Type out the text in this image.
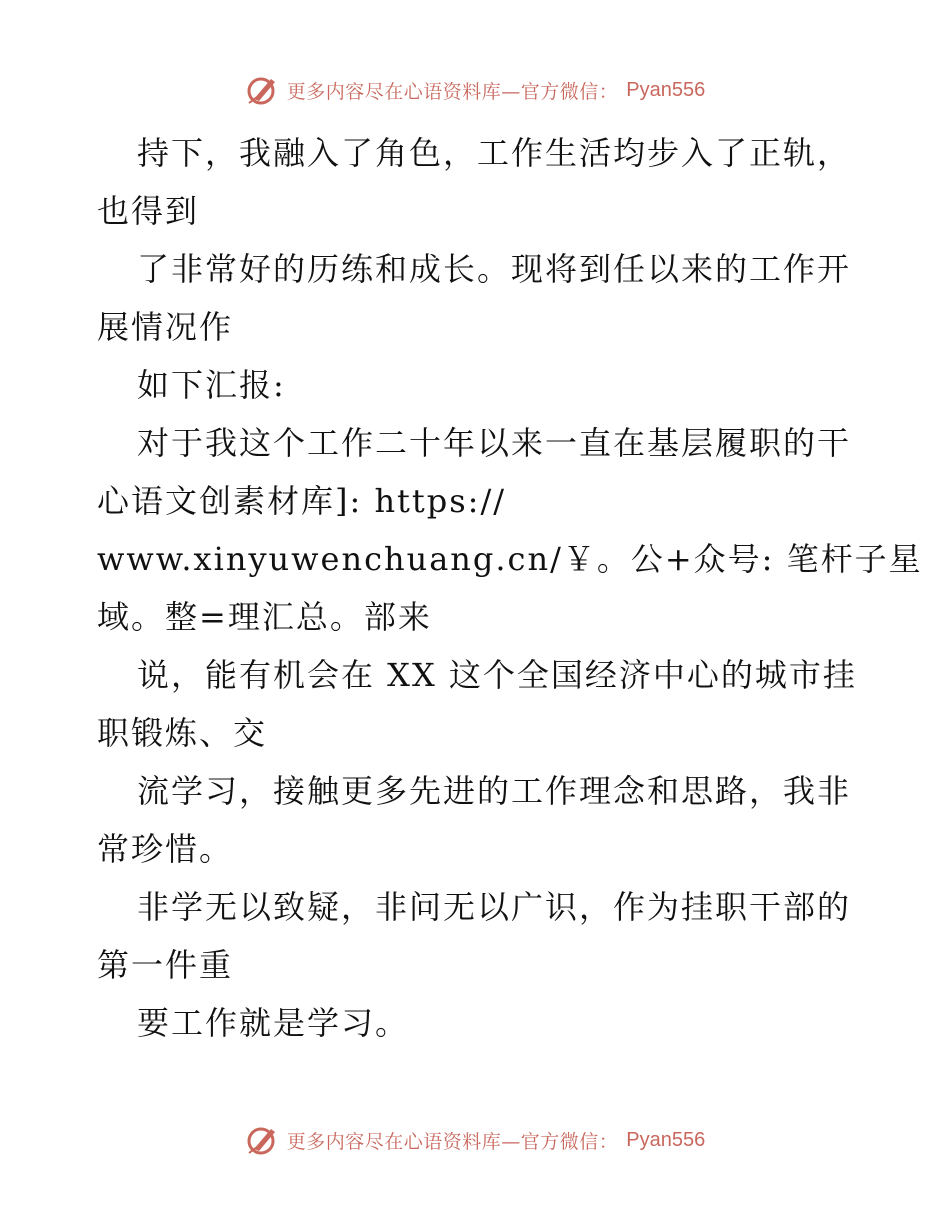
更多内容尽在心语资料库—官方微信： Pyan556
持下，我融入了角色，工作生活均步入了正轨，
也得到
了非常好的历练和成长。现将到任以来的工作开
展情况作
如下汇报:
对于我这个工作二十年以来一直在基层履职的干
心语文创素材库]: https://
www.xinyuwenchuang.cn/￥。公+众号: 笔杆子星
域。整=理汇总。部来
说，能有机会在 XX 这个全国经济中心的城市挂
职锻炼、交
流学习，接触更多先进的工作理念和思路，我非
常珍惜。
非学无以致疑，非问无以广识，作为挂职干部的
第一件重
要工作就是学习。
更多内容尽在心语资料库—官方微信： Pyan556
